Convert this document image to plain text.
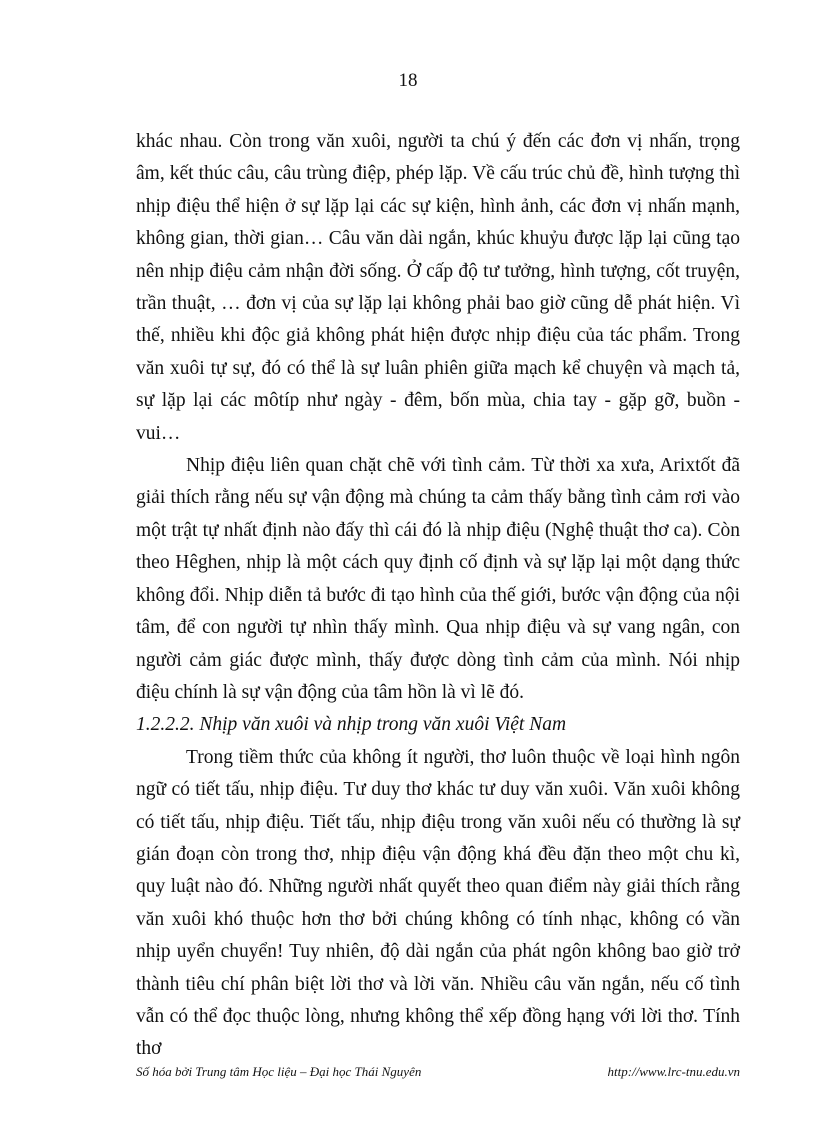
18

khác nhau. Còn trong văn xuôi, người ta chú ý đến các đơn vị nhấn, trọng âm, kết thúc câu, câu trùng điệp, phép lặp. Về cấu trúc chủ đề, hình tượng thì nhịp điệu thể hiện ở sự lặp lại các sự kiện, hình ảnh, các đơn vị nhấn mạnh, không gian, thời gian… Câu văn dài ngắn, khúc khuỷu được lặp lại cũng tạo nên nhịp điệu cảm nhận đời sống. Ở cấp độ tư tưởng, hình tượng, cốt truyện, trần thuật, … đơn vị của sự lặp lại không phải bao giờ cũng dễ phát hiện. Vì thế, nhiều khi độc giả không phát hiện được nhịp điệu của tác phẩm. Trong văn xuôi tự sự, đó có thể là sự luân phiên giữa mạch kể chuyện và mạch tả, sự lặp lại các môtíp như ngày - đêm, bốn mùa, chia tay - gặp gỡ, buồn - vui…

Nhịp điệu liên quan chặt chẽ với tình cảm. Từ thời xa xưa, Arixtốt đã giải thích rằng nếu sự vận động mà chúng ta cảm thấy bằng tình cảm rơi vào một trật tự nhất định nào đấy thì cái đó là nhịp điệu (Nghệ thuật thơ ca). Còn theo Hêghen, nhịp là một cách quy định cố định và sự lặp lại một dạng thức không đổi. Nhịp diễn tả bước đi tạo hình của thế giới, bước vận động của nội tâm, để con người tự nhìn thấy mình. Qua nhịp điệu và sự vang ngân, con người cảm giác được mình, thấy được dòng tình cảm của mình. Nói nhịp điệu chính là sự vận động của tâm hồn là vì lẽ đó.

1.2.2.2. Nhịp văn xuôi và nhịp trong văn xuôi Việt Nam

Trong tiềm thức của không ít người, thơ luôn thuộc về loại hình ngôn ngữ có tiết tấu, nhịp điệu. Tư duy thơ khác tư duy văn xuôi. Văn xuôi không có tiết tấu, nhịp điệu. Tiết tấu, nhịp điệu trong văn xuôi nếu có thường là sự gián đoạn còn trong thơ, nhịp điệu vận động khá đều đặn theo một chu kì, quy luật nào đó. Những người nhất quyết theo quan điểm này giải thích rằng văn xuôi khó thuộc hơn thơ bởi chúng không có tính nhạc, không có vần nhịp uyển chuyển! Tuy nhiên, độ dài ngắn của phát ngôn không bao giờ trở thành tiêu chí phân biệt lời thơ và lời văn. Nhiều câu văn ngắn, nếu cố tình vẫn có thể đọc thuộc lòng, nhưng không thể xếp đồng hạng với lời thơ. Tính thơ

Số hóa bởi Trung tâm Học liệu – Đại học Thái Nguyên	http://www.lrc-tnu.edu.vn
